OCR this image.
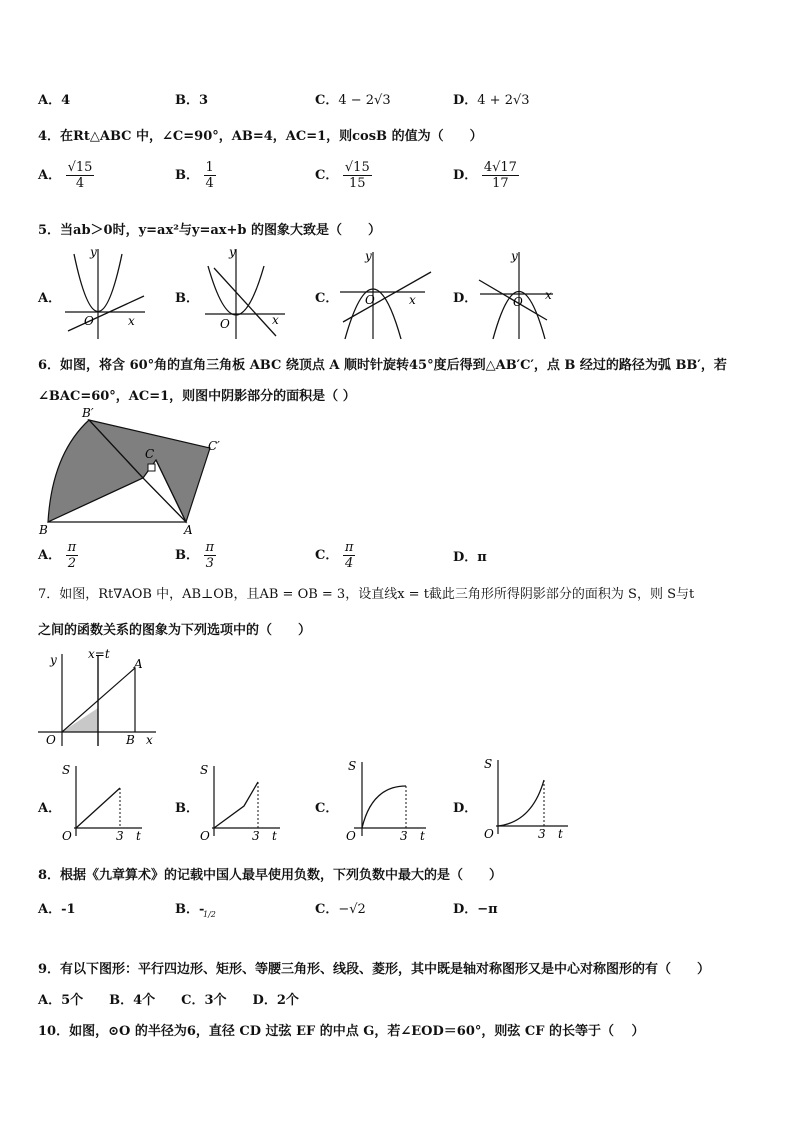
A．4	B．3	C．4 − 2√3	D．4 + 2√3
4．在Rt△ABC 中，∠C=90°，AB=4，AC=1，则cosB 的值为（　　）
A． $\frac{√15}{4}$	B． $\frac{1}{4}$	C． $\frac{√15}{15}$	D． $\frac{4√17}{17}$
5．当ab＞0时，y=ax²与y=ax+b 的图象大致是（　　）
A．	B．	C．	D．
y
x
O
y
x
O
y
x
O
y
x
O
6．如图，将含 60°角的直角三角板 ABC 绕顶点 A 顺时针旋转45°度后得到△AB′C′，点 B 经过的路径为弧 BB′，若
∠BAC=60°，AC=1，则图中阴影部分的面积是（ ）
B′
C′
C
B	A
A． $\frac{\pi}{2}$	B． $\frac{\pi}{3}$	C． $\frac{\pi}{4}$	D．π
7．如图，Rt∇AOB 中，AB⊥OB，且AB = OB = 3，设直线x = t截此三角形所得阴影部分的面积为 S，则 S与t
之间的函数关系的图象为下列选项中的（　　）
y	x=t
A
O	B x
A．	B．	C．	D．
S
O	3 t
S
O	3 t
S
O	3 t
S
O	3 t
8．根据《九章算术》的记载中国人最早使用负数，下列负数中最大的是（　　）
A．-1	B．-
1/2	C．−√2	D．−π
9．有以下图形：平行四边形、矩形、等腰三角形、线段、菱形，其中既是轴对称图形又是中心对称图形的有（　　）
A．5个　　B．4个　　C．3个　　D．2个
10．如图，⊙O 的半径为6，直径 CD 过弦 EF 的中点 G，若∠EOD＝60°，则弦 CF 的长等于（　 ）
